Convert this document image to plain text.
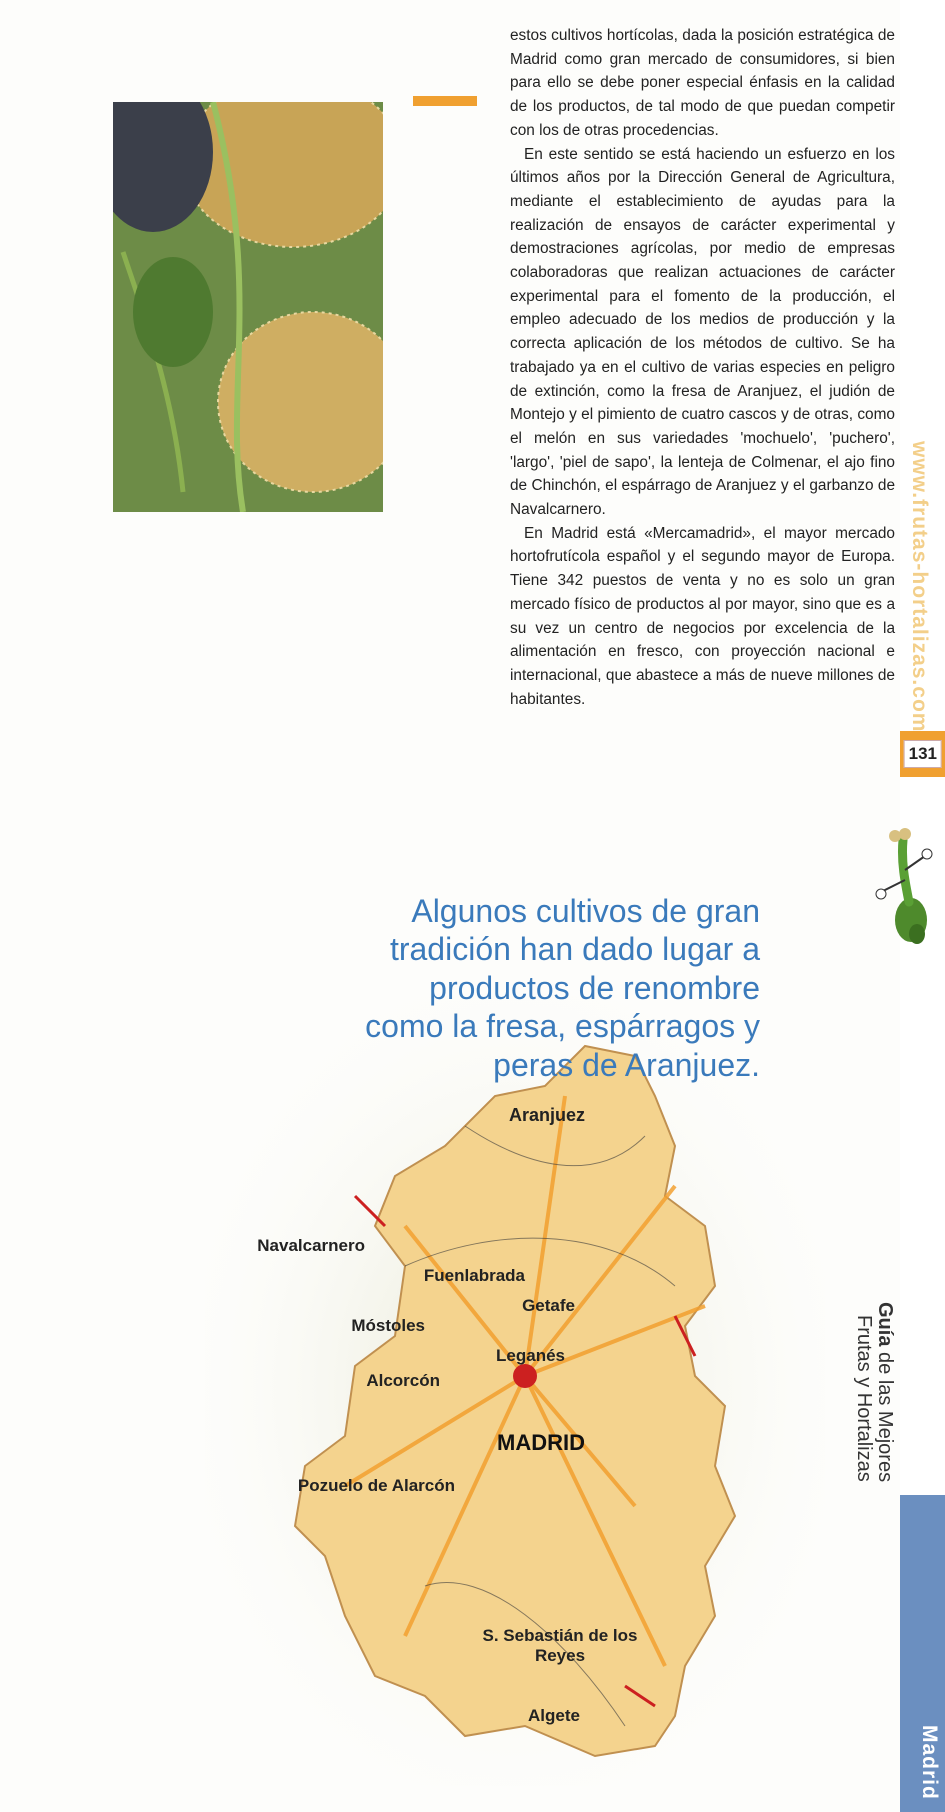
Madrid
Guía de las Mejores
Frutas y Hortalizas
131
www.frutas-hortalizas.com
Algete
S. Sebastián de los Reyes
MADRID
Pozuelo de Alarcón
Alcorcón
Leganés
Getafe
Móstoles
Fuenlabrada
Navalcarnero
Aranjuez
Algunos cultivos de gran tradición han dado lugar a productos de renombre como la fresa, espárragos y peras de Aranjuez.

estos cultivos hortícolas, dada la posición estratégica de Madrid como gran mercado de consumidores, si bien para ello se debe poner especial énfasis en la calidad de los productos, de tal modo de que puedan competir con los de otras procedencias.

En este sentido se está haciendo un esfuerzo en los últimos años por la Dirección General de Agricultura, mediante el establecimiento de ayudas para la realización de ensayos de carácter experimental y demostraciones agrícolas, por medio de empresas colaboradoras que realizan actuaciones de carácter experimental para el fomento de la producción, el empleo adecuado de los medios de producción y la correcta aplicación de los métodos de cultivo. Se ha trabajado ya en el cultivo de varias especies en peligro de extinción, como la fresa de Aranjuez, el judión de Montejo y el pimiento de cuatro cascos y de otras, como el melón en sus variedades 'mochuelo', 'puchero', 'largo', 'piel de sapo', la lenteja de Colmenar, el ajo fino de Chinchón, el espárrago de Aranjuez y el garbanzo de Navalcarnero.

En Madrid está «Mercamadrid», el mayor mercado hortofrutícola español y el segundo mayor de Europa. Tiene 342 puestos de venta y no es solo un gran mercado físico de productos al por mayor, sino que es a su vez un centro de negocios por excelencia de la alimentación en fresco, con proyección nacional e internacional, que abastece a más de nueve millones de habitantes.
